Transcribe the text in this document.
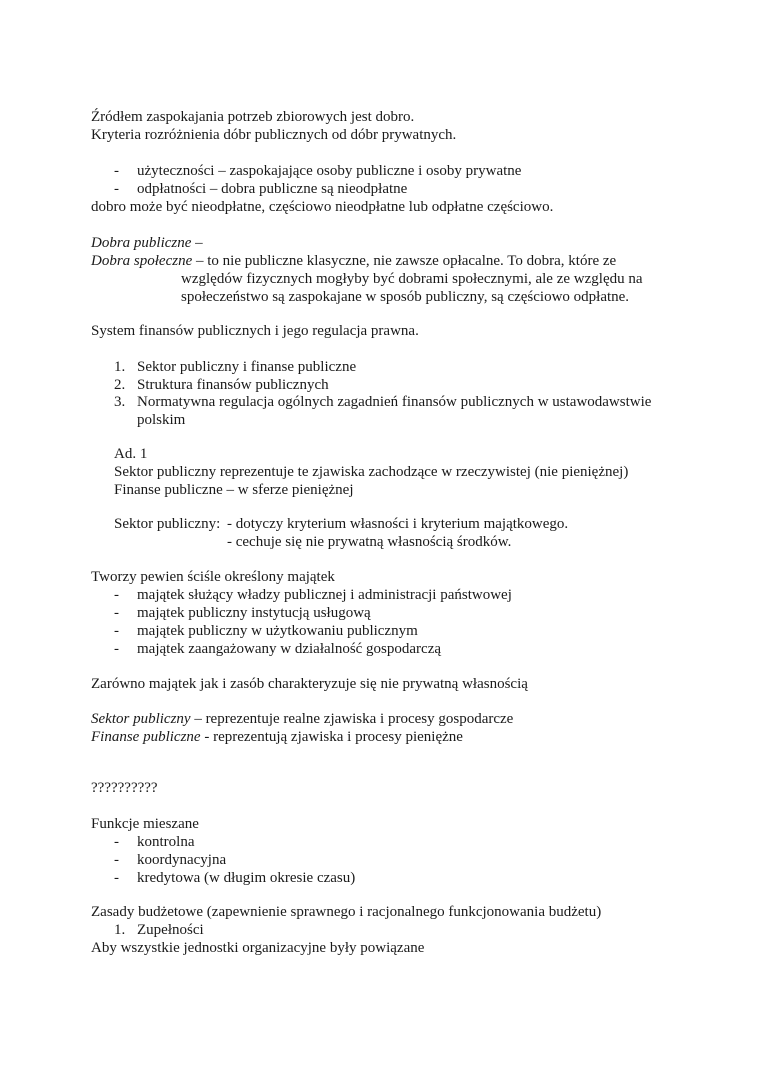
Źródłem zaspokajania potrzeb zbiorowych jest dobro.
Kryteria rozróżnienia dóbr publicznych od dóbr prywatnych.
- użyteczności – zaspokajające osoby publiczne i osoby prywatne
- odpłatności – dobra publiczne są nieodpłatne
dobro może być nieodpłatne, częściowo nieodpłatne lub odpłatne częściowo.
Dobra publiczne –
Dobra społeczne – to nie publiczne klasyczne, nie zawsze opłacalne. To dobra, które ze
względów fizycznych mogłyby być dobrami społecznymi, ale ze względu na
społeczeństwo są zaspokajane w sposób publiczny, są częściowo odpłatne.
System finansów publicznych i jego regulacja prawna.
1. Sektor publiczny i finanse publiczne
2. Struktura finansów publicznych
3. Normatywna regulacja ogólnych zagadnień finansów publicznych w ustawodawstwie
polskim
Ad. 1
Sektor publiczny reprezentuje te zjawiska zachodzące w rzeczywistej (nie pieniężnej)
Finanse publiczne – w sferze pieniężnej
Sektor publiczny: - dotyczy kryterium własności i kryterium majątkowego.
- cechuje się nie prywatną własnością środków.
Tworzy pewien ściśle określony majątek
- majątek służący władzy publicznej i administracji państwowej
- majątek publiczny instytucją usługową
- majątek publiczny w użytkowaniu publicznym
- majątek zaangażowany w działalność gospodarczą
Zarówno majątek jak i zasób charakteryzuje się nie prywatną własnością
Sektor publiczny – reprezentuje realne zjawiska i procesy gospodarcze
Finanse publiczne - reprezentują zjawiska i procesy pieniężne
??????????
Funkcje mieszane
- kontrolna
- koordynacyjna
- kredytowa (w długim okresie czasu)
Zasady budżetowe (zapewnienie sprawnego i racjonalnego funkcjonowania budżetu)
1. Zupełności
Aby wszystkie jednostki organizacyjne były powiązane
